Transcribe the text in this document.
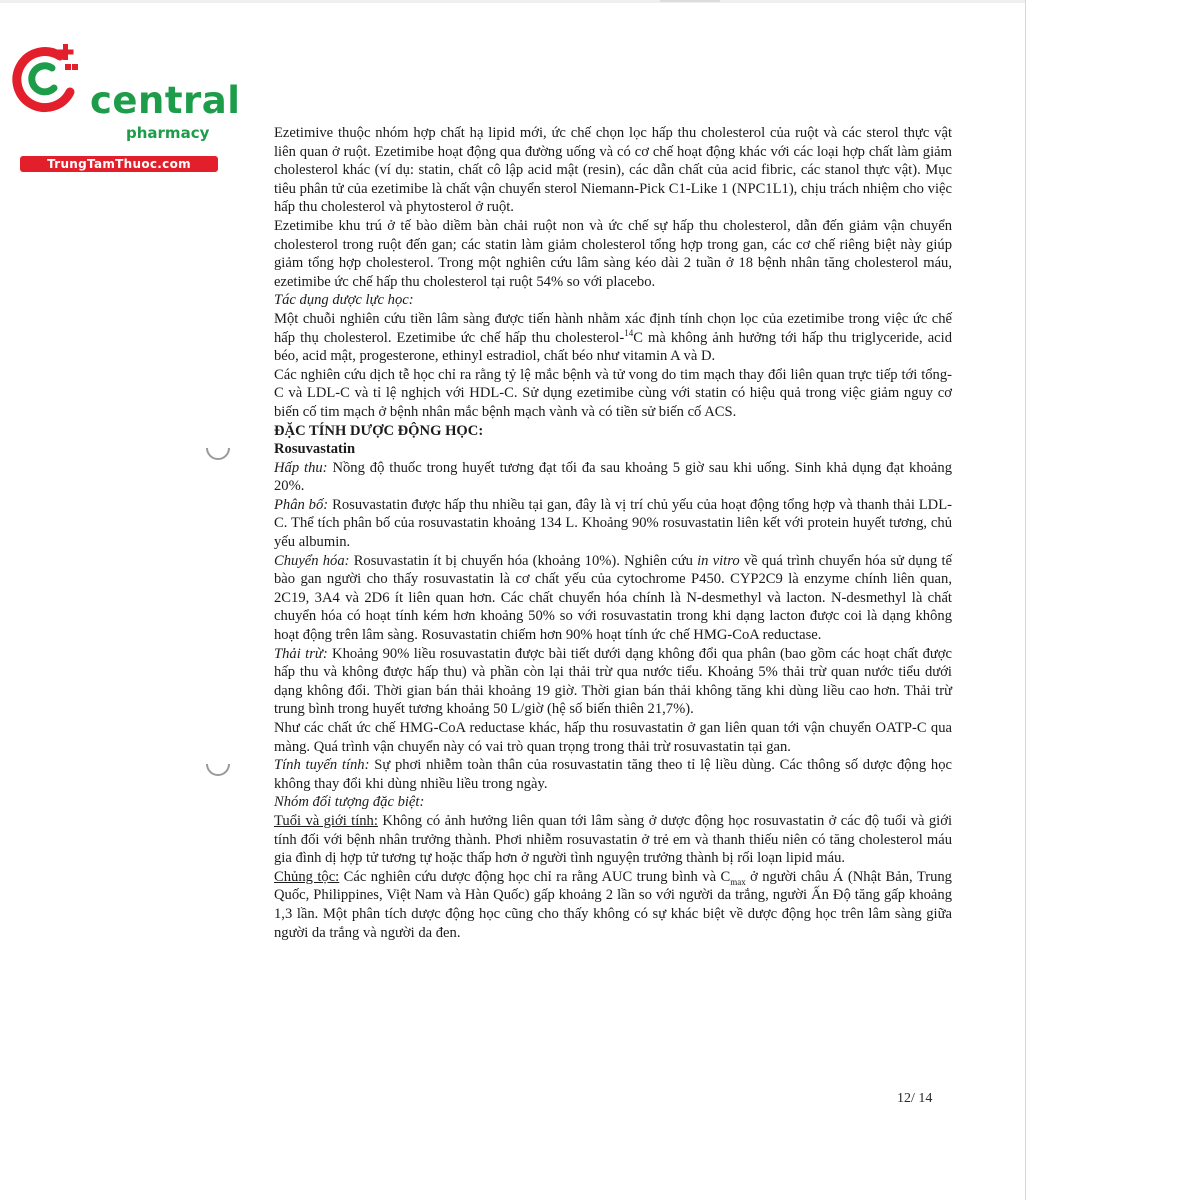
central
pharmacy
TrungTamThuoc.com

Ezetimive thuộc nhóm hợp chất hạ lipid mới, ức chế chọn lọc hấp thu cholesterol của ruột và các sterol thực vật liên quan ở ruột. Ezetimibe hoạt động qua đường uống và có cơ chế hoạt động khác với các loại hợp chất làm giảm cholesterol khác (ví dụ: statin, chất cô lập acid mật (resin), các dẫn chất của acid fibric, các stanol thực vật). Mục tiêu phân tử của ezetimibe là chất vận chuyển sterol Niemann-Pick C1-Like 1 (NPC1L1), chịu trách nhiệm cho việc hấp thu cholesterol và phytosterol ở ruột.

Ezetimibe khu trú ở tế bào diềm bàn chải ruột non và ức chế sự hấp thu cholesterol, dẫn đến giảm vận chuyển cholesterol trong ruột đến gan; các statin làm giảm cholesterol tổng hợp trong gan, các cơ chế riêng biệt này giúp giảm tổng hợp cholesterol. Trong một nghiên cứu lâm sàng kéo dài 2 tuần ở 18 bệnh nhân tăng cholesterol máu, ezetimibe ức chế hấp thu cholesterol tại ruột 54% so với placebo.

Tác dụng dược lực học:

Một chuỗi nghiên cứu tiền lâm sàng được tiến hành nhằm xác định tính chọn lọc của ezetimibe trong việc ức chế hấp thụ cholesterol. Ezetimibe ức chế hấp thu cholesterol-$^{14}$C mà không ảnh hưởng tới hấp thu triglyceride, acid béo, acid mật, progesterone, ethinyl estradiol, chất béo như vitamin A và D.

Các nghiên cứu dịch tễ học chỉ ra rằng tỷ lệ mắc bệnh và tử vong do tim mạch thay đổi liên quan trực tiếp tới tổng-C và LDL-C và tỉ lệ nghịch với HDL-C. Sử dụng ezetimibe cùng với statin có hiệu quả trong việc giảm nguy cơ biến cố tim mạch ở bệnh nhân mắc bệnh mạch vành và có tiền sử biến cố ACS.

ĐẶC TÍNH DƯỢC ĐỘNG HỌC:

Rosuvastatin

Hấp thu: Nồng độ thuốc trong huyết tương đạt tối đa sau khoảng 5 giờ sau khi uống. Sinh khả dụng đạt khoảng 20%.

Phân bố: Rosuvastatin được hấp thu nhiều tại gan, đây là vị trí chủ yếu của hoạt động tổng hợp và thanh thải LDL-C. Thể tích phân bố của rosuvastatin khoảng 134 L. Khoảng 90% rosuvastatin liên kết với protein huyết tương, chủ yếu albumin.

Chuyển hóa: Rosuvastatin ít bị chuyển hóa (khoảng 10%). Nghiên cứu in vitro về quá trình chuyển hóa sử dụng tế bào gan người cho thấy rosuvastatin là cơ chất yếu của cytochrome P450. CYP2C9 là enzyme chính liên quan, 2C19, 3A4 và 2D6 ít liên quan hơn. Các chất chuyển hóa chính là N-desmethyl và lacton. N-desmethyl là chất chuyển hóa có hoạt tính kém hơn khoảng 50% so với rosuvastatin trong khi dạng lacton được coi là dạng không hoạt động trên lâm sàng. Rosuvastatin chiếm hơn 90% hoạt tính ức chế HMG-CoA reductase.

Thải trừ: Khoảng 90% liều rosuvastatin được bài tiết dưới dạng không đổi qua phân (bao gồm các hoạt chất được hấp thu và không được hấp thu) và phần còn lại thải trừ qua nước tiểu. Khoảng 5% thải trừ quan nước tiểu dưới dạng không đổi. Thời gian bán thải khoảng 19 giờ. Thời gian bán thải không tăng khi dùng liều cao hơn. Thải trừ trung bình trong huyết tương khoảng 50 L/giờ (hệ số biến thiên 21,7%).

Như các chất ức chế HMG-CoA reductase khác, hấp thu rosuvastatin ở gan liên quan tới vận chuyển OATP-C qua màng. Quá trình vận chuyển này có vai trò quan trọng trong thải trừ rosuvastatin tại gan.

Tính tuyến tính: Sự phơi nhiễm toàn thân của rosuvastatin tăng theo tỉ lệ liều dùng. Các thông số dược động học không thay đổi khi dùng nhiều liều trong ngày.

Nhóm đối tượng đặc biệt:

Tuổi và giới tính: Không có ảnh hưởng liên quan tới lâm sàng ở dược động học rosuvastatin ở các độ tuổi và giới tính đối với bệnh nhân trưởng thành. Phơi nhiễm rosuvastatin ở trẻ em và thanh thiếu niên có tăng cholesterol máu gia đình dị hợp tử tương tự hoặc thấp hơn ở người tình nguyện trưởng thành bị rối loạn lipid máu.

Chủng tộc: Các nghiên cứu dược động học chỉ ra rằng AUC trung bình và $C_{max}$ ở người châu Á (Nhật Bản, Trung Quốc, Philippines, Việt Nam và Hàn Quốc) gấp khoảng 2 lần so với người da trắng, người Ấn Độ tăng gấp khoảng 1,3 lần. Một phân tích dược động học cũng cho thấy không có sự khác biệt về dược động học trên lâm sàng giữa người da trắng và người da đen.

12/ 14
